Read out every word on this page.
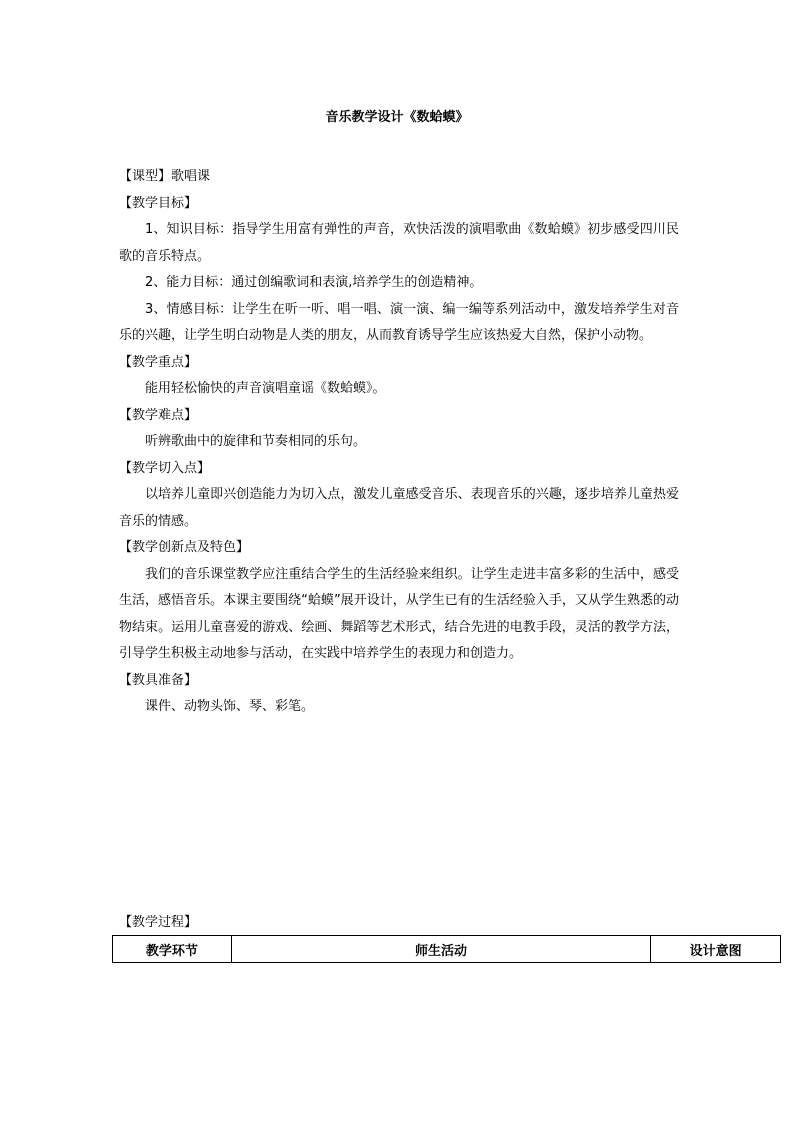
音乐教学设计《数蛤蟆》
【课型】歌唱课
【教学目标】

1、知识目标：指导学生用富有弹性的声音，欢快活泼的演唱歌曲《数蛤蟆》初步感受四川民歌的音乐特点。

2、能力目标：通过创编歌词和表演,培养学生的创造精神。

3、情感目标：让学生在听一听、唱一唱、演一演、编一编等系列活动中，激发培养学生对音乐的兴趣，让学生明白动物是人类的朋友，从而教育诱导学生应该热爱大自然，保护小动物。

【教学重点】

能用轻松愉快的声音演唱童谣《数蛤蟆》。

【教学难点】

听辨歌曲中的旋律和节奏相同的乐句。

【教学切入点】

以培养儿童即兴创造能力为切入点，激发儿童感受音乐、表现音乐的兴趣，逐步培养儿童热爱音乐的情感。

【教学创新点及特色】

我们的音乐课堂教学应注重结合学生的生活经验来组织。让学生走进丰富多彩的生活中，感受生活，感悟音乐。本课主要围绕“蛤蟆”展开设计，从学生已有的生活经验入手，又从学生熟悉的动物结束。运用儿童喜爱的游戏、绘画、舞蹈等艺术形式，结合先进的电教手段，灵活的教学方法，引导学生积极主动地参与活动，在实践中培养学生的表现力和创造力。

【教具准备】

课件、动物头饰、琴、彩笔。

【教学过程】
教学环节	师生活动	设计意图
